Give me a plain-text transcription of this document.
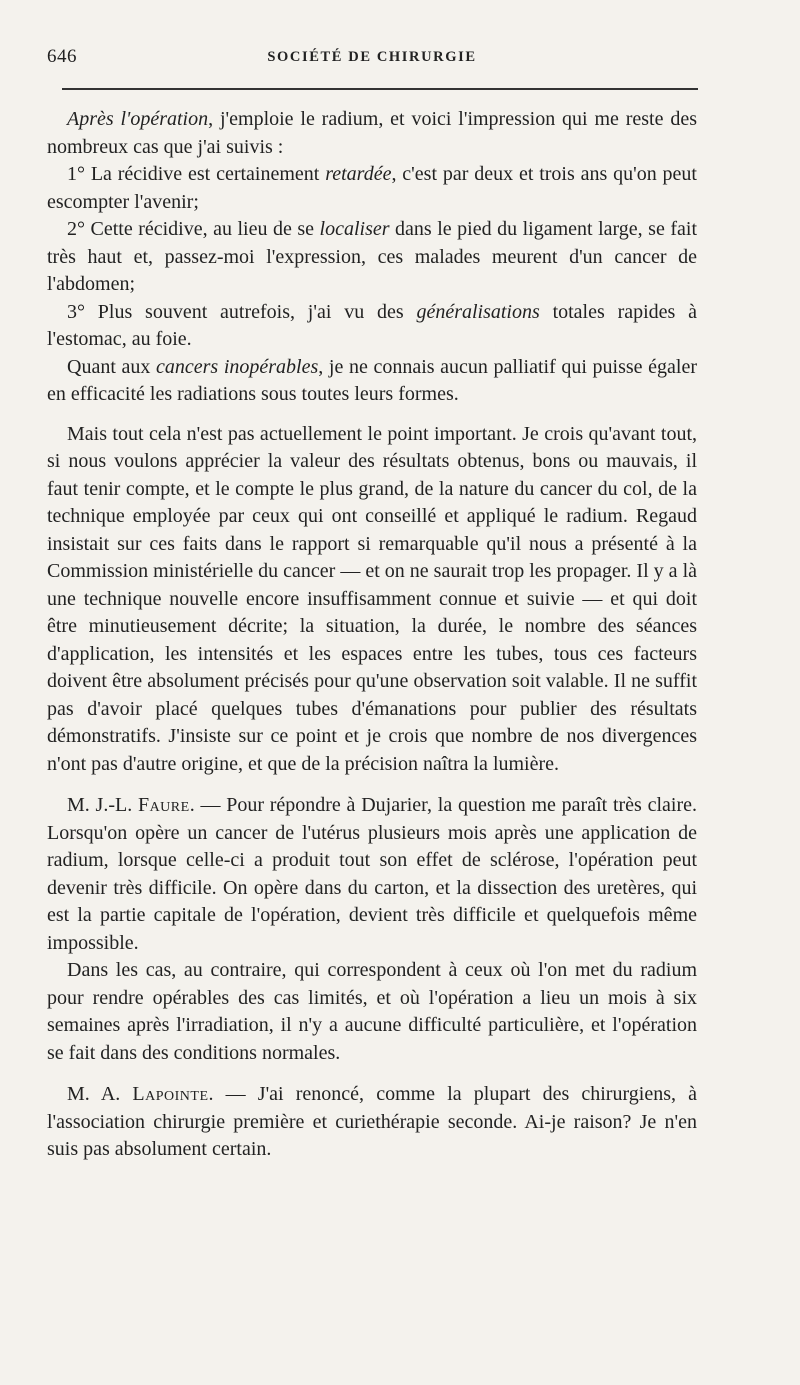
646	SOCIÉTÉ DE CHIRURGIE

Après l'opération, j'emploie le radium, et voici l'impression qui me reste des nombreux cas que j'ai suivis :

1° La récidive est certainement retardée, c'est par deux et trois ans qu'on peut escompter l'avenir;

2° Cette récidive, au lieu de se localiser dans le pied du ligament large, se fait très haut et, passez-moi l'expression, ces malades meurent d'un cancer de l'abdomen;

3° Plus souvent autrefois, j'ai vu des généralisations totales rapides à l'estomac, au foie.

Quant aux cancers inopérables, je ne connais aucun palliatif qui puisse égaler en efficacité les radiations sous toutes leurs formes.

Mais tout cela n'est pas actuellement le point important. Je crois qu'avant tout, si nous voulons apprécier la valeur des résultats obtenus, bons ou mauvais, il faut tenir compte, et le compte le plus grand, de la nature du cancer du col, de la technique employée par ceux qui ont conseillé et appliqué le radium. Regaud insistait sur ces faits dans le rapport si remarquable qu'il nous a présenté à la Commission ministérielle du cancer — et on ne saurait trop les propager. Il y a là une technique nouvelle encore insuffisamment connue et suivie — et qui doit être minutieusement décrite; la situation, la durée, le nombre des séances d'application, les intensités et les espaces entre les tubes, tous ces facteurs doivent être absolument précisés pour qu'une observation soit valable. Il ne suffit pas d'avoir placé quelques tubes d'émanations pour publier des résultats démonstratifs. J'insiste sur ce point et je crois que nombre de nos divergences n'ont pas d'autre origine, et que de la précision naîtra la lumière.

M. J.-L. Faure. — Pour répondre à Dujarier, la question me paraît très claire. Lorsqu'on opère un cancer de l'utérus plusieurs mois après une application de radium, lorsque celle-ci a produit tout son effet de sclérose, l'opération peut devenir très difficile. On opère dans du carton, et la dissection des uretères, qui est la partie capitale de l'opération, devient très difficile et quelquefois même impossible.

Dans les cas, au contraire, qui correspondent à ceux où l'on met du radium pour rendre opérables des cas limités, et où l'opération a lieu un mois à six semaines après l'irradiation, il n'y a aucune difficulté particulière, et l'opération se fait dans des conditions normales.

M. A. Lapointe. — J'ai renoncé, comme la plupart des chirurgiens, à l'association chirurgie première et curiethérapie seconde. Ai-je raison? Je n'en suis pas absolument certain.
